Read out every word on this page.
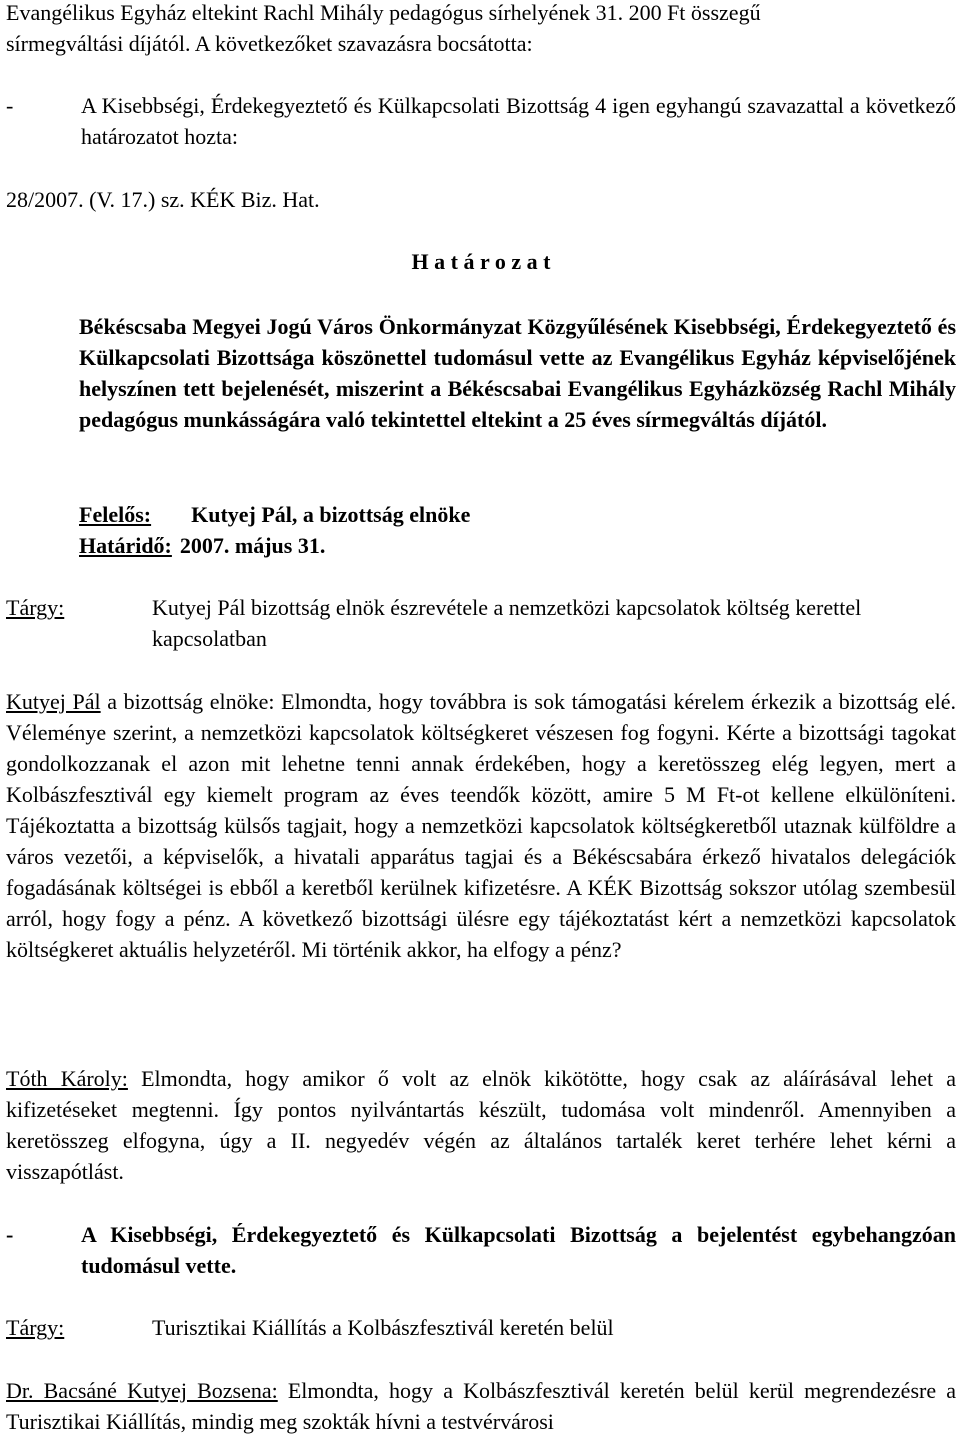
Evangélikus Egyház eltekint Rachl Mihály pedagógus sírhelyének 31. 200 Ft összegű

sírmegváltási díjától. A következőket szavazásra bocsátotta:

-	A Kisebbségi, Érdekegyeztető és Külkapcsolati Bizottság 4 igen egyhangú szavazattal a következő határozatot hozta:

28/2007. (V. 17.) sz. KÉK Biz. Hat.

H a t á r o z a t

Békéscsaba Megyei Jogú Város Önkormányzat Közgyűlésének Kisebbségi, Érdekegyeztető és Külkapcsolati Bizottsága köszönettel tudomásul vette az Evangélikus Egyház képviselőjének helyszínen tett bejelenését, miszerint a Békéscsabai Evangélikus Egyházközség Rachl Mihály pedagógus munkásságára való tekintettel eltekint a 25 éves sírmegváltás díjától.

Felelős: Kutyej Pál, a bizottság elnöke
Határidő: 2007. május 31.
Tárgy:	Kutyej Pál bizottság elnök észrevétele a nemzetközi kapcsolatok költség kerettel kapcsolatban

Kutyej Pál a bizottság elnöke: Elmondta, hogy továbbra is sok támogatási kérelem érkezik a bizottság elé. Véleménye szerint, a nemzetközi kapcsolatok költségkeret vészesen fog fogyni. Kérte a bizottsági tagokat gondolkozzanak el azon mit lehetne tenni annak érdekében, hogy a keretösszeg elég legyen, mert a Kolbászfesztivál egy kiemelt program az éves teendők között, amire 5 M Ft-ot kellene elkülöníteni. Tájékoztatta a bizottság külsős tagjait, hogy a nemzetközi kapcsolatok költségkeretből utaznak külföldre a város vezetői, a képviselők, a hivatali apparátus tagjai és a Békéscsabára érkező hivatalos delegációk fogadásának költségei is ebből a keretből kerülnek kifizetésre. A KÉK Bizottság sokszor utólag szembesül arról, hogy fogy a pénz. A következő bizottsági ülésre egy tájékoztatást kért a nemzetközi kapcsolatok költségkeret aktuális helyzetéről. Mi történik akkor, ha elfogy a pénz?

Tóth Károly: Elmondta, hogy amikor ő volt az elnök kikötötte, hogy csak az aláírásával lehet a kifizetéseket megtenni. Így pontos nyilvántartás készült, tudomása volt mindenről. Amennyiben a keretösszeg elfogyna, úgy a II. negyedév végén az általános tartalék keret terhére lehet kérni a visszapótlást.

-	A Kisebbségi, Érdekegyeztető és Külkapcsolati Bizottság a bejelentést egybehangzóan tudomásul vette.
Tárgy:	Turisztikai Kiállítás a Kolbászfesztivál keretén belül

Dr. Bacsáné Kutyej Bozsena: Elmondta, hogy a Kolbászfesztivál keretén belül kerül megrendezésre a Turisztikai Kiállítás, mindig meg szokták hívni a testvérvárosi
